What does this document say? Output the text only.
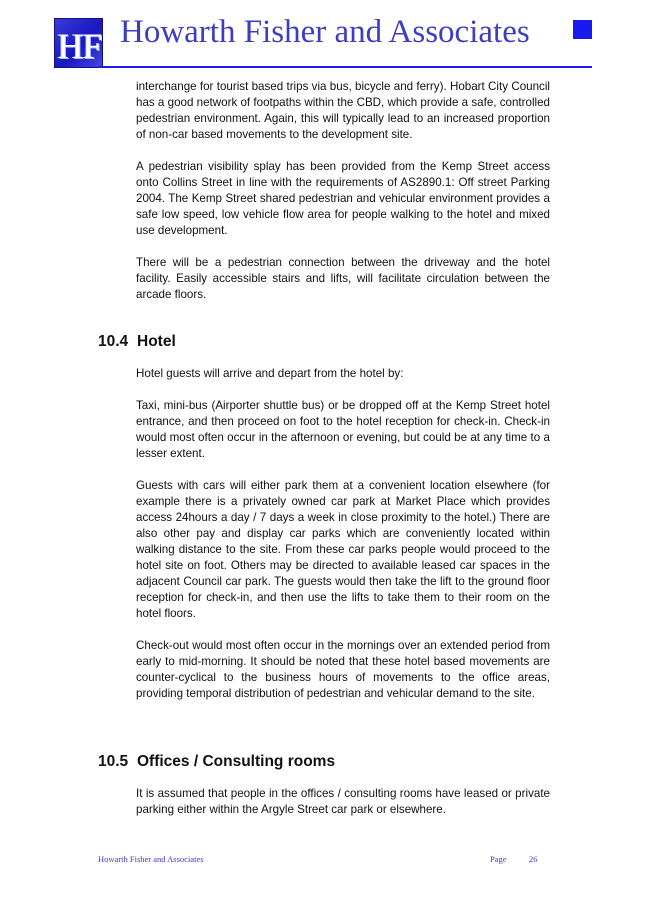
HF Howarth Fisher and Associates

interchange for tourist based trips via bus, bicycle and ferry). Hobart City Council has a good network of footpaths within the CBD, which provide a safe, controlled pedestrian environment. Again, this will typically lead to an increased proportion of non-car based movements to the development site.

A pedestrian visibility splay has been provided from the Kemp Street access onto Collins Street in line with the requirements of AS2890.1: Off street Parking 2004. The Kemp Street shared pedestrian and vehicular environment provides a safe low speed, low vehicle flow area for people walking to the hotel and mixed use development.

There will be a pedestrian connection between the driveway and the hotel facility. Easily accessible stairs and lifts, will facilitate circulation between the arcade floors.

10.4 Hotel

Hotel guests will arrive and depart from the hotel by:

Taxi, mini-bus (Airporter shuttle bus) or be dropped off at the Kemp Street hotel entrance, and then proceed on foot to the hotel reception for check-in. Check-in would most often occur in the afternoon or evening, but could be at any time to a lesser extent.

Guests with cars will either park them at a convenient location elsewhere (for example there is a privately owned car park at Market Place which provides access 24hours a day / 7 days a week in close proximity to the hotel.) There are also other pay and display car parks which are conveniently located within walking distance to the site. From these car parks people would proceed to the hotel site on foot. Others may be directed to available leased car spaces in the adjacent Council car park. The guests would then take the lift to the ground floor reception for check-in, and then use the lifts to take them to their room on the hotel floors.

Check-out would most often occur in the mornings over an extended period from early to mid-morning. It should be noted that these hotel based movements are counter-cyclical to the business hours of movements to the office areas, providing temporal distribution of pedestrian and vehicular demand to the site.

10.5 Offices / Consulting rooms

It is assumed that people in the offices / consulting rooms have leased or private parking either within the Argyle Street car park or elsewhere.

Howarth Fisher and Associates	Page	26
